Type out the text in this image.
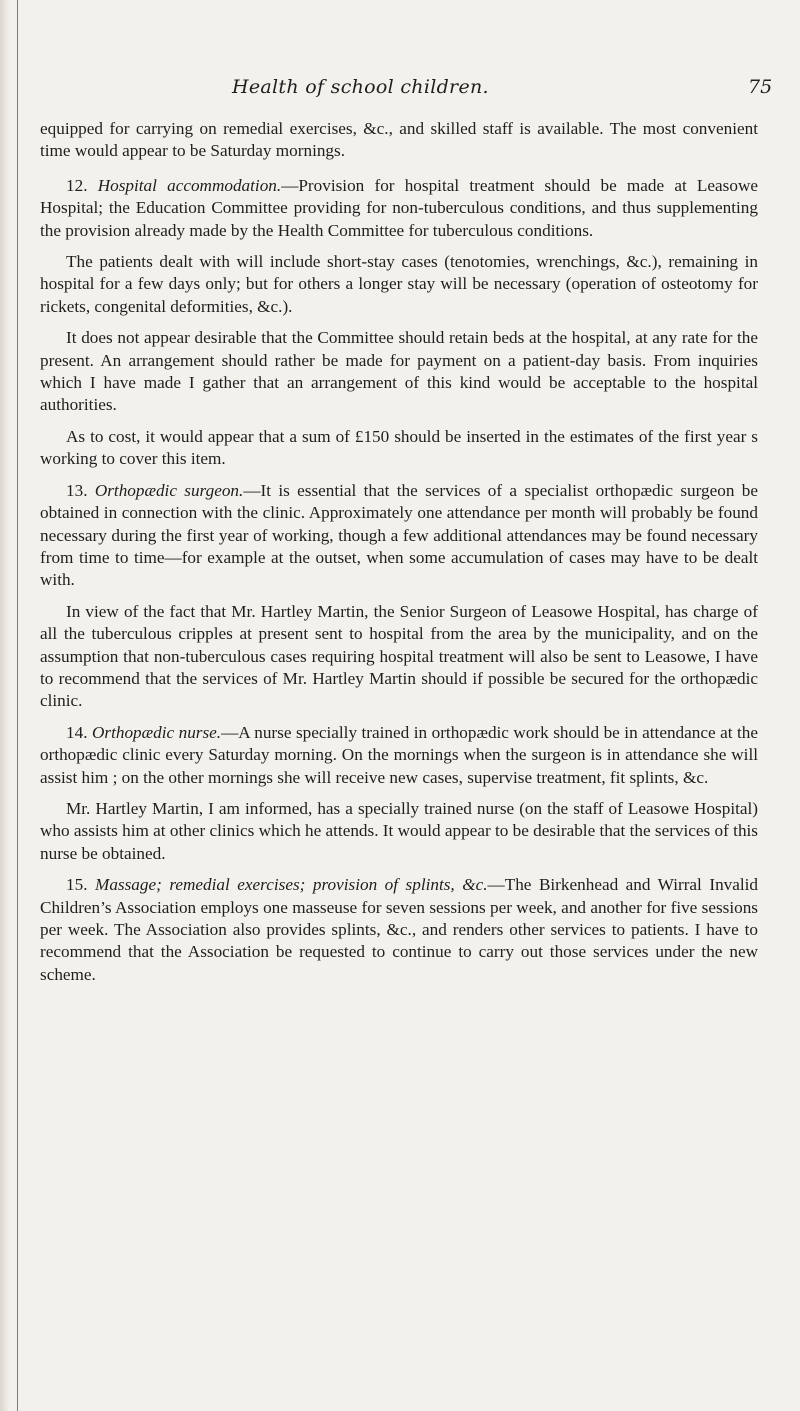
Health of school children.	75

equipped for carrying on remedial exercises, &c., and skilled staff is available. The most convenient time would appear to be Saturday mornings.

12. Hospital accommodation.—Provision for hospital treatment should be made at Leasowe Hospital; the Education Committee providing for non-tuberculous conditions, and thus supplementing the provision already made by the Health Committee for tuberculous conditions.

The patients dealt with will include short-stay cases (tenotomies, wrenchings, &c.), remaining in hospital for a few days only; but for others a longer stay will be necessary (operation of osteotomy for rickets, congenital deformities, &c.).

It does not appear desirable that the Committee should retain beds at the hospital, at any rate for the present. An arrangement should rather be made for payment on a patient-day basis. From inquiries which I have made I gather that an arrangement of this kind would be acceptable to the hospital authorities.

As to cost, it would appear that a sum of £150 should be inserted in the estimates of the first year s working to cover this item.

13. Orthopædic surgeon.—It is essential that the services of a specialist orthopædic surgeon be obtained in connection with the clinic. Approximately one attendance per month will probably be found necessary during the first year of working, though a few additional attendances may be found necessary from time to time—for example at the outset, when some accumulation of cases may have to be dealt with.

In view of the fact that Mr. Hartley Martin, the Senior Surgeon of Leasowe Hospital, has charge of all the tuberculous cripples at present sent to hospital from the area by the municipality, and on the assumption that non-tuberculous cases requiring hospital treatment will also be sent to Leasowe, I have to recommend that the services of Mr. Hartley Martin should if possible be secured for the orthopædic clinic.

14. Orthopædic nurse.—A nurse specially trained in orthopædic work should be in attendance at the orthopædic clinic every Saturday morning. On the mornings when the surgeon is in attendance she will assist him ; on the other mornings she will receive new cases, supervise treatment, fit splints, &c.

Mr. Hartley Martin, I am informed, has a specially trained nurse (on the staff of Leasowe Hospital) who assists him at other clinics which he attends. It would appear to be desirable that the services of this nurse be obtained.

15. Massage; remedial exercises; provision of splints, &c.—The Birkenhead and Wirral Invalid Children’s Association employs one masseuse for seven sessions per week, and another for five sessions per week. The Association also provides splints, &c., and renders other services to patients. I have to recommend that the Association be requested to continue to carry out those services under the new scheme.
